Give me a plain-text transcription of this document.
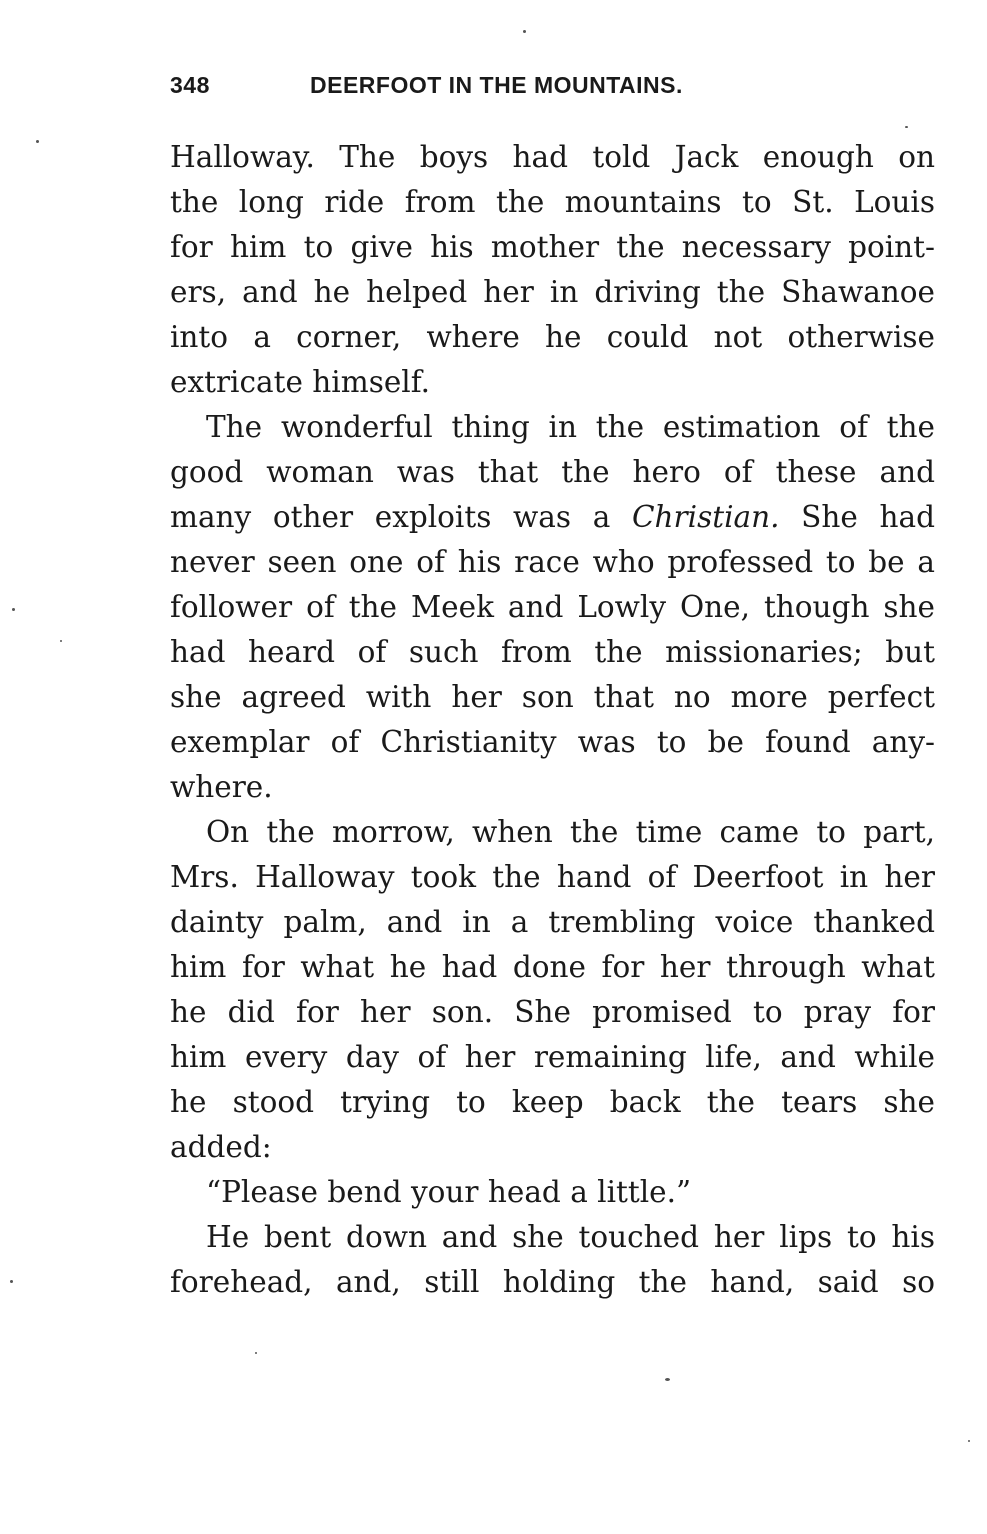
348	DEERFOOT IN THE MOUNTAINS.
Halloway. The boys had told Jack enough on
the long ride from the mountains to St. Louis
for him to give his mother the necessary point-
ers, and he helped her in driving the Shawanoe
into a corner, where he could not otherwise
extricate himself.
The wonderful thing in the estimation of the
good woman was that the hero of these and
many other exploits was a Christian. She had
never seen one of his race who professed to be a
follower of the Meek and Lowly One, though she
had heard of such from the missionaries; but
she agreed with her son that no more perfect
exemplar of Christianity was to be found any-
where.
On the morrow, when the time came to part,
Mrs. Halloway took the hand of Deerfoot in her
dainty palm, and in a trembling voice thanked
him for what he had done for her through what
he did for her son. She promised to pray for
him every day of her remaining life, and while
he stood trying to keep back the tears she
added:
“Please bend your head a little.”
He bent down and she touched her lips to his
forehead, and, still holding the hand, said so
